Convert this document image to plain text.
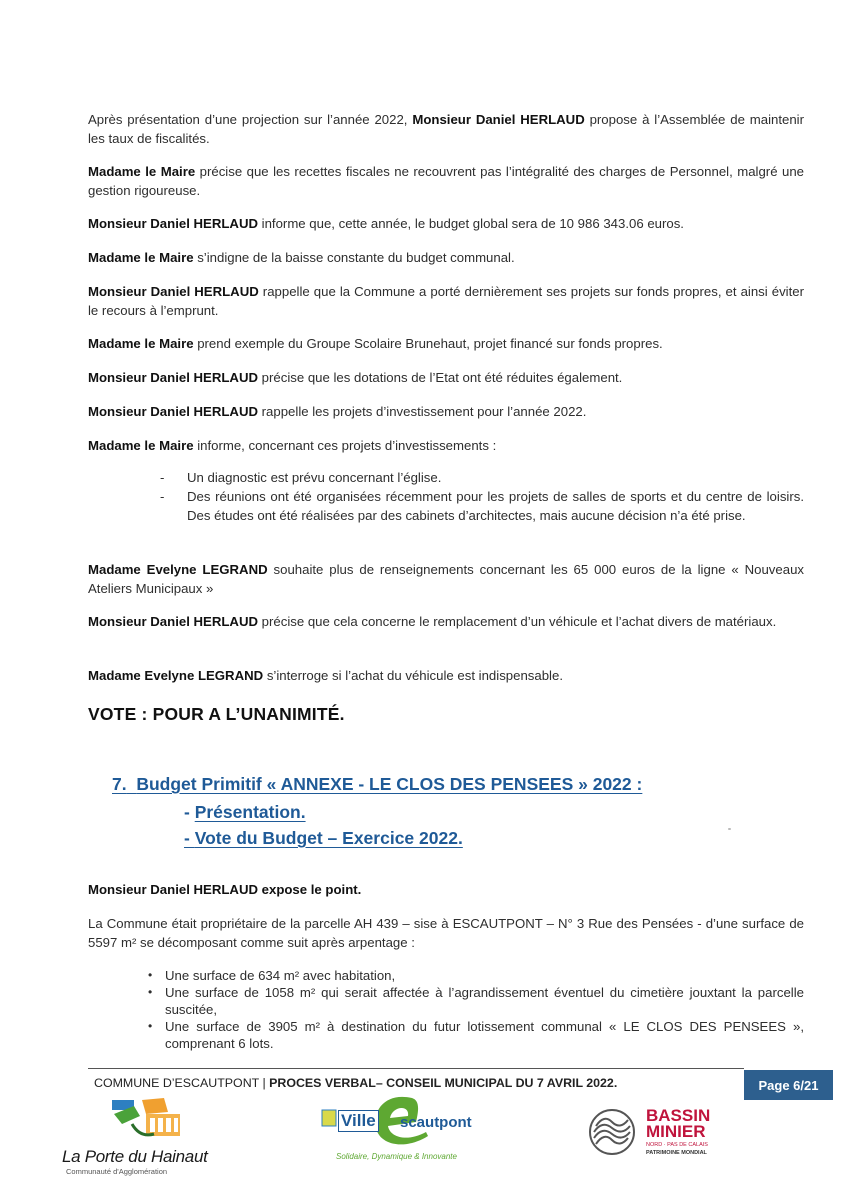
Après présentation d’une projection sur l’année 2022, Monsieur Daniel HERLAUD propose à l’Assemblée de maintenir les taux de fiscalités.
Madame le Maire précise que les recettes fiscales ne recouvrent pas l’intégralité des charges de Personnel, malgré une gestion rigoureuse.
Monsieur Daniel HERLAUD informe que, cette année, le budget global sera de 10 986 343.06 euros.
Madame le Maire s’indigne de la baisse constante du budget communal.
Monsieur Daniel HERLAUD rappelle que la Commune a porté dernièrement ses projets sur fonds propres, et ainsi éviter le recours à l’emprunt.
Madame le Maire prend exemple du Groupe Scolaire Brunehaut, projet financé sur fonds propres.
Monsieur Daniel HERLAUD précise que les dotations de l’Etat ont été réduites également.
Monsieur Daniel HERLAUD rappelle les projets d’investissement pour l’année 2022.
Madame le Maire informe, concernant ces projets d’investissements :
- Un diagnostic est prévu concernant l’église.
- Des réunions ont été organisées récemment pour les projets de salles de sports et du centre de loisirs. Des études ont été réalisées par des cabinets d’architectes, mais aucune décision n’a été prise.
Madame Evelyne LEGRAND souhaite plus de renseignements concernant les 65 000 euros de la ligne « Nouveaux Ateliers Municipaux »
Monsieur Daniel HERLAUD précise que cela concerne le remplacement d’un véhicule et l’achat divers de matériaux.
Madame Evelyne LEGRAND s’interroge si l’achat du véhicule est indispensable.
VOTE : POUR A L’UNANIMITÉ.
7. Budget Primitif « ANNEXE - LE CLOS DES PENSEES » 2022 :
- Présentation.
- Vote du Budget – Exercice 2022.
Monsieur Daniel HERLAUD expose le point.
La Commune était propriétaire de la parcelle AH 439 – sise à ESCAUTPONT – N° 3 Rue des Pensées - d’une surface de 5597 m² se décomposant comme suit après arpentage :
• Une surface de 634 m² avec habitation,
• Une surface de 1058 m² qui serait affectée à l’agrandissement éventuel du cimetière jouxtant la parcelle suscitée,
• Une surface de 3905 m² à destination du futur lotissement communal « LE CLOS DES PENSEES », comprenant 6 lots.
COMMUNE D’ESCAUTPONT | PROCES VERBAL– CONSEIL MUNICIPAL DU 7 AVRIL 2022.	Page 6/21
La Porte du Hainaut
Communauté d'Agglomération
Ville scautpont
Solidaire, Dynamique & Innovante
BASSIN
MINIER
NORD · PAS DE CALAIS
PATRIMOINE MONDIAL
